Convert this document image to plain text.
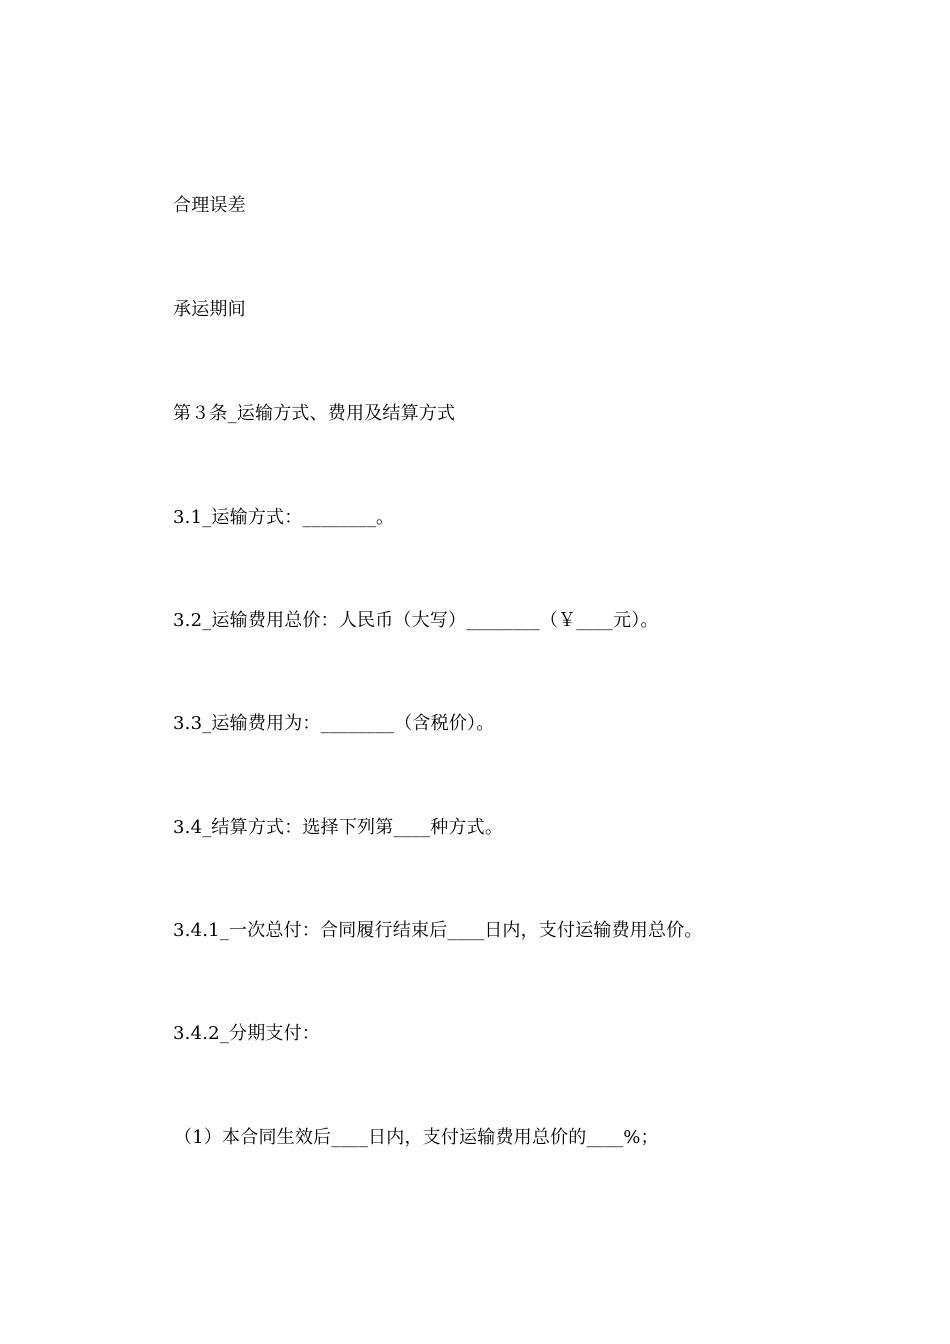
合理误差
承运期间
第３条_运输方式、费用及结算方式
3.1_运输方式：________。
3.2_运输费用总价：人民币（大写）________（￥____元）。
3.3_运输费用为：________（含税价）。
3.4_结算方式：选择下列第____种方式。
3.4.1_一次总付：合同履行结束后____日内，支付运输费用总价。
3.4.2_分期支付：
（1）本合同生效后____日内，支付运输费用总价的____%；
